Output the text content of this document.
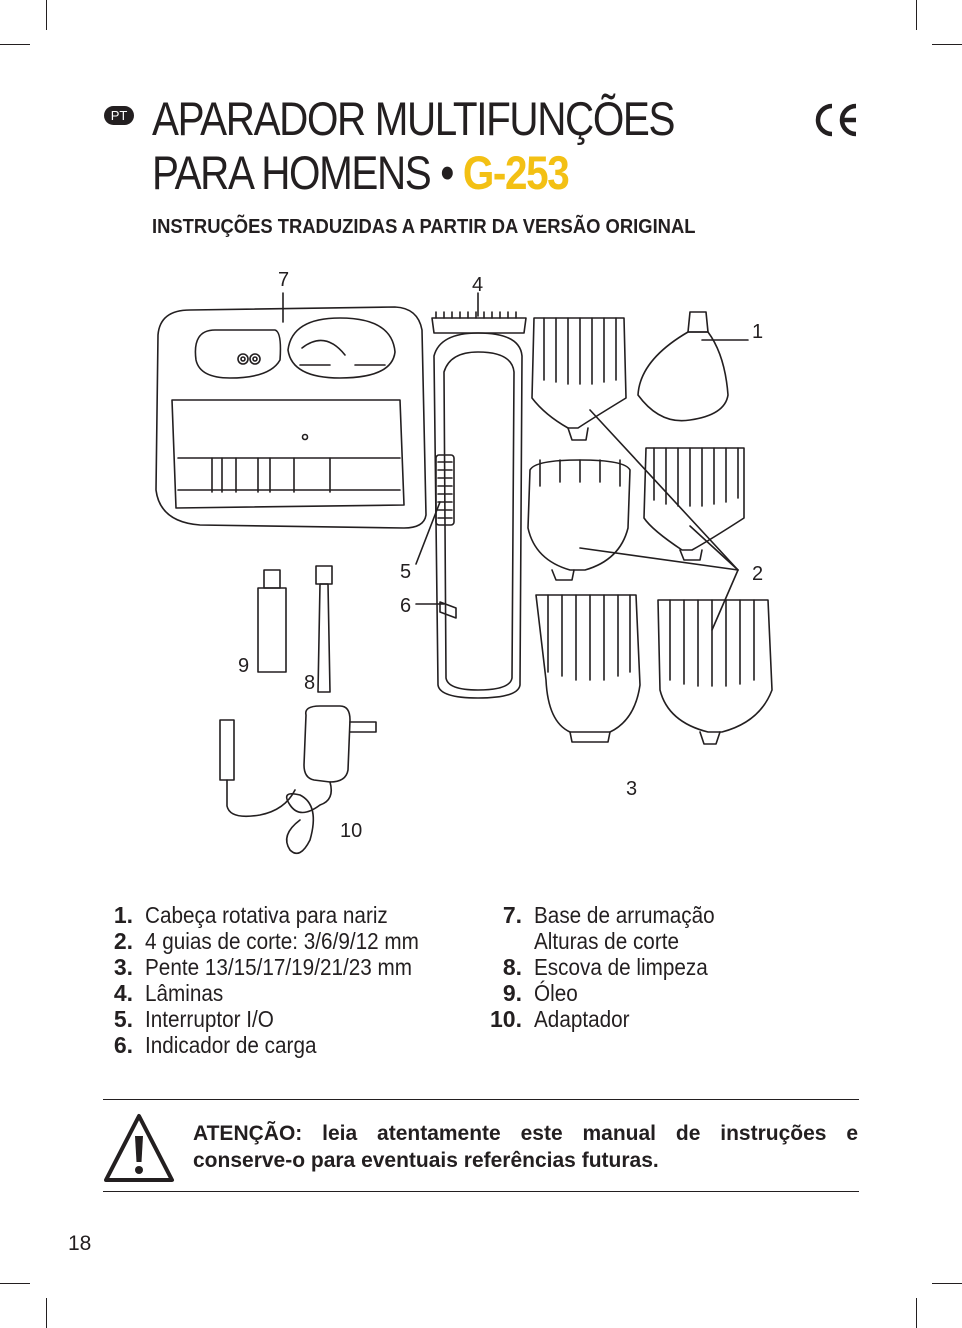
PT APARADOR MULTIFUNÇÕES
PARA HOMENS • G-253
INSTRUÇÕES TRADUZIDAS A PARTIR DA VERSÃO ORIGINAL
7	4
1
2
3
5
6
9
8
10
1. Cabeça rotativa para nariz
2. 4 guias de corte: 3/6/9/12 mm
3. Pente 13/15/17/19/21/23 mm
4. Lâminas
5. Interruptor I/O
6. Indicador de carga
7. Base de arrumação
Alturas de corte
8. Escova de limpeza
9. Óleo
10. Adaptador

ATENÇÃO: leia atentamente este manual de instruções e conserve-o para eventuais referências futuras.

18
